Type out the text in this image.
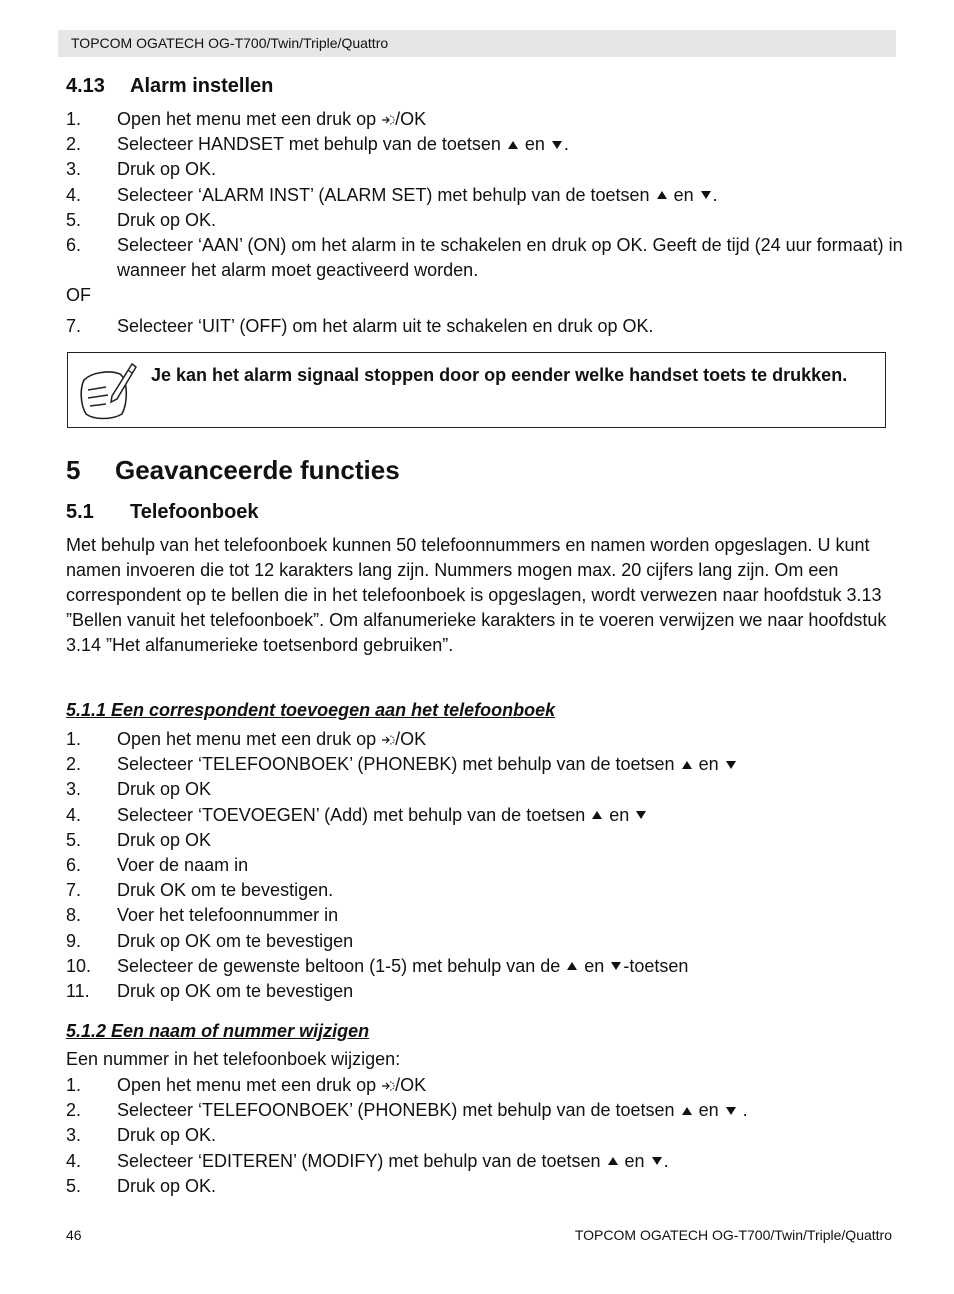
TOPCOM OGATECH OG-T700/Twin/Triple/Quattro
4.13 Alarm instellen
1. Open het menu met een druk op /OK
2. Selecteer HANDSET met behulp van de toetsen  en .
3. Druk op OK.
4. Selecteer ‘ALARM INST’ (ALARM SET) met behulp van de toetsen  en .
5. Druk op OK.
6. Selecteer ‘AAN’ (ON) om het alarm in te schakelen en druk op OK. Geeft de tijd (24 uur formaat) in wanneer het alarm moet geactiveerd worden.
OF
7. Selecteer ‘UIT’ (OFF) om het alarm uit te schakelen en druk op OK.
Je kan het alarm signaal stoppen door op eender welke handset toets te drukken.
5 Geavanceerde functies
5.1 Telefoonboek
Met behulp van het telefoonboek kunnen 50 telefoonnummers en namen worden opgeslagen. U kunt namen invoeren die tot 12 karakters lang zijn. Nummers mogen max. 20 cijfers lang zijn. Om een correspondent op te bellen die in het telefoonboek is opgeslagen, wordt verwezen naar hoofdstuk 3.13 ”Bellen vanuit het telefoonboek”. Om alfanumerieke karakters in te voeren verwijzen we naar hoofdstuk 3.14 ”Het alfanumerieke toetsenbord gebruiken”.
5.1.1 Een correspondent toevoegen aan het telefoonboek
1. Open het menu met een druk op /OK
2. Selecteer ‘TELEFOONBOEK’ (PHONEBK) met behulp van de toetsen  en
3. Druk op OK
4. Selecteer ‘TOEVOEGEN’ (Add) met behulp van de toetsen  en
5. Druk op OK
6. Voer de naam in
7. Druk OK om te bevestigen.
8. Voer het telefoonnummer in
9. Druk op OK om te bevestigen
10. Selecteer de gewenste beltoon (1-5) met behulp van de  en -toetsen
11. Druk op OK om te bevestigen
5.1.2 Een naam of nummer wijzigen
Een nummer in het telefoonboek wijzigen:
1. Open het menu met een druk op /OK
2. Selecteer ‘TELEFOONBOEK’ (PHONEBK) met behulp van de toetsen  en  .
3. Druk op OK.
4. Selecteer ‘EDITEREN’ (MODIFY) met behulp van de toetsen  en .
5. Druk op OK.
46	TOPCOM OGATECH OG-T700/Twin/Triple/Quattro
